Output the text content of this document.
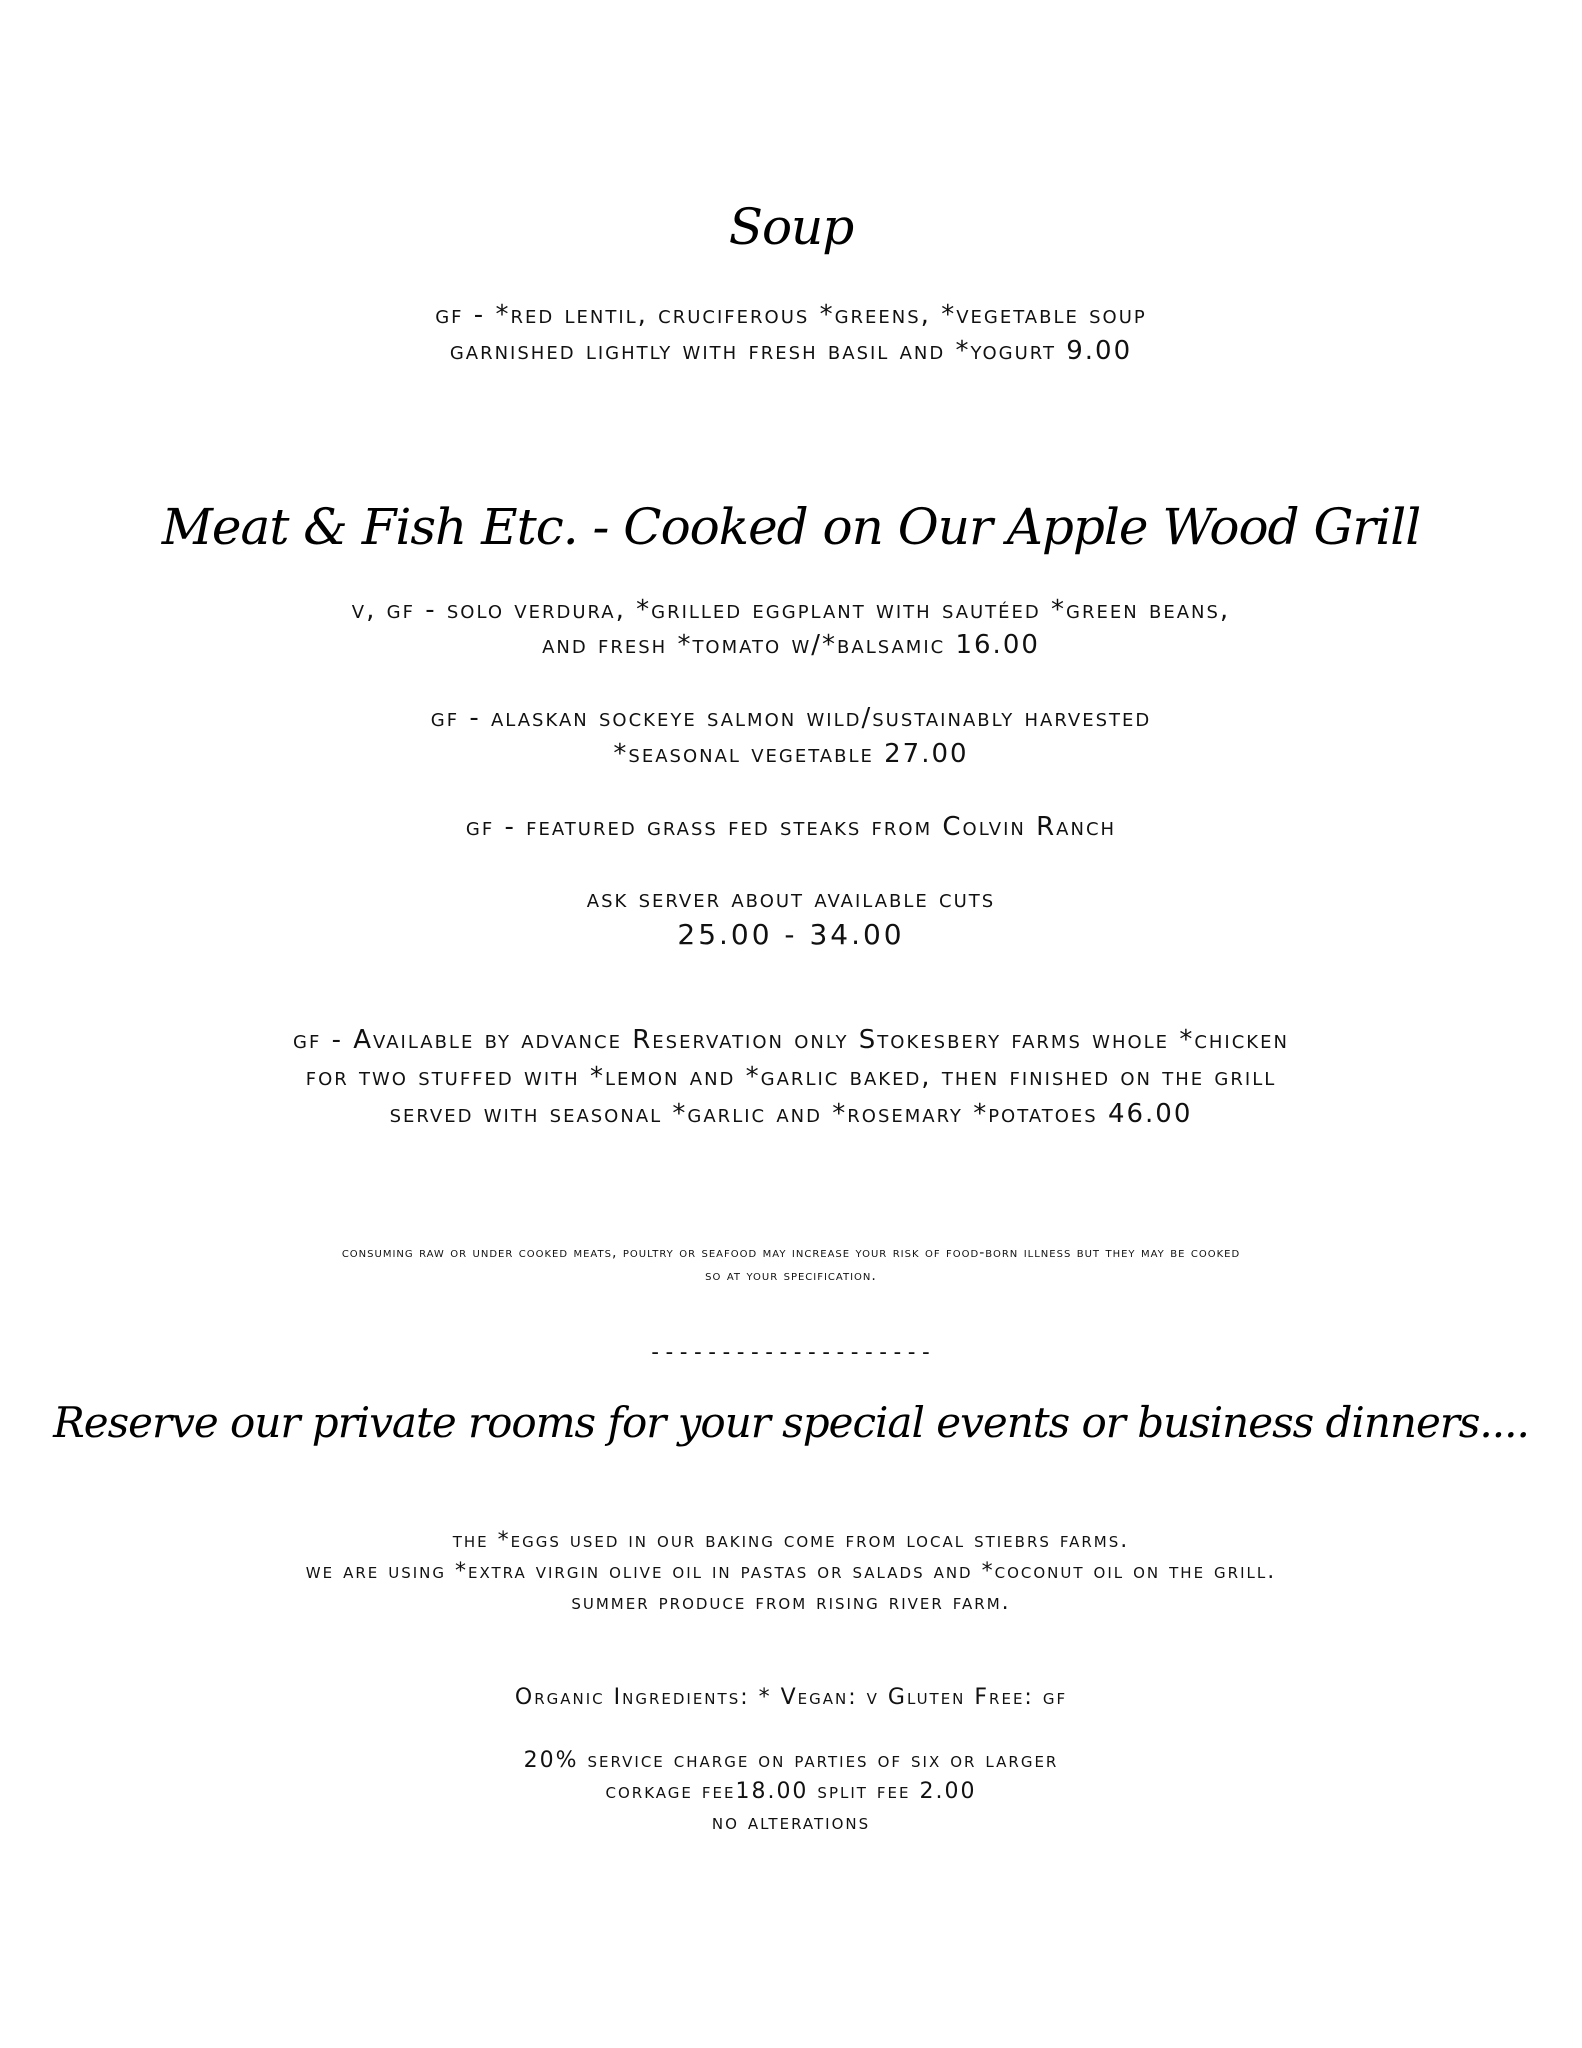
Soup
gf - *red lentil, cruciferous *greens, *vegetable soup
garnished lightly with fresh basil and *yogurt 9.00
Meat & Fish Etc. - Cooked on Our Apple Wood Grill
v, gf - solo verdura, *grilled eggplant with sautéed *green beans,
and fresh *tomato w/*balsamic 16.00
gf - alaskan sockeye salmon wild/sustainably harvested
*seasonal vegetable 27.00
gf - featured grass fed steaks from Colvin Ranch
ask server about available cuts
25.00 - 34.00
gf - Available by advance Reservation only Stokesbery farms whole *chicken
for two stuffed with *lemon and *garlic baked, then finished on the grill
served with seasonal *garlic and *rosemary *potatoes 46.00
consuming raw or under cooked meats, poultry or seafood may increase your risk of food-born illness but they may be cooked
so at your specification.
--------------------
Reserve our private rooms for your special events or business dinners....
the *eggs used in our baking come from local stiebrs farms.
we are using *extra virgin olive oil in pastas or salads and *coconut oil on the grill.
summer produce from rising river farm.
Organic Ingredients: * Vegan: v Gluten Free: gf
20% service charge on parties of six or larger
corkage fee18.00 split fee 2.00
no alterations
